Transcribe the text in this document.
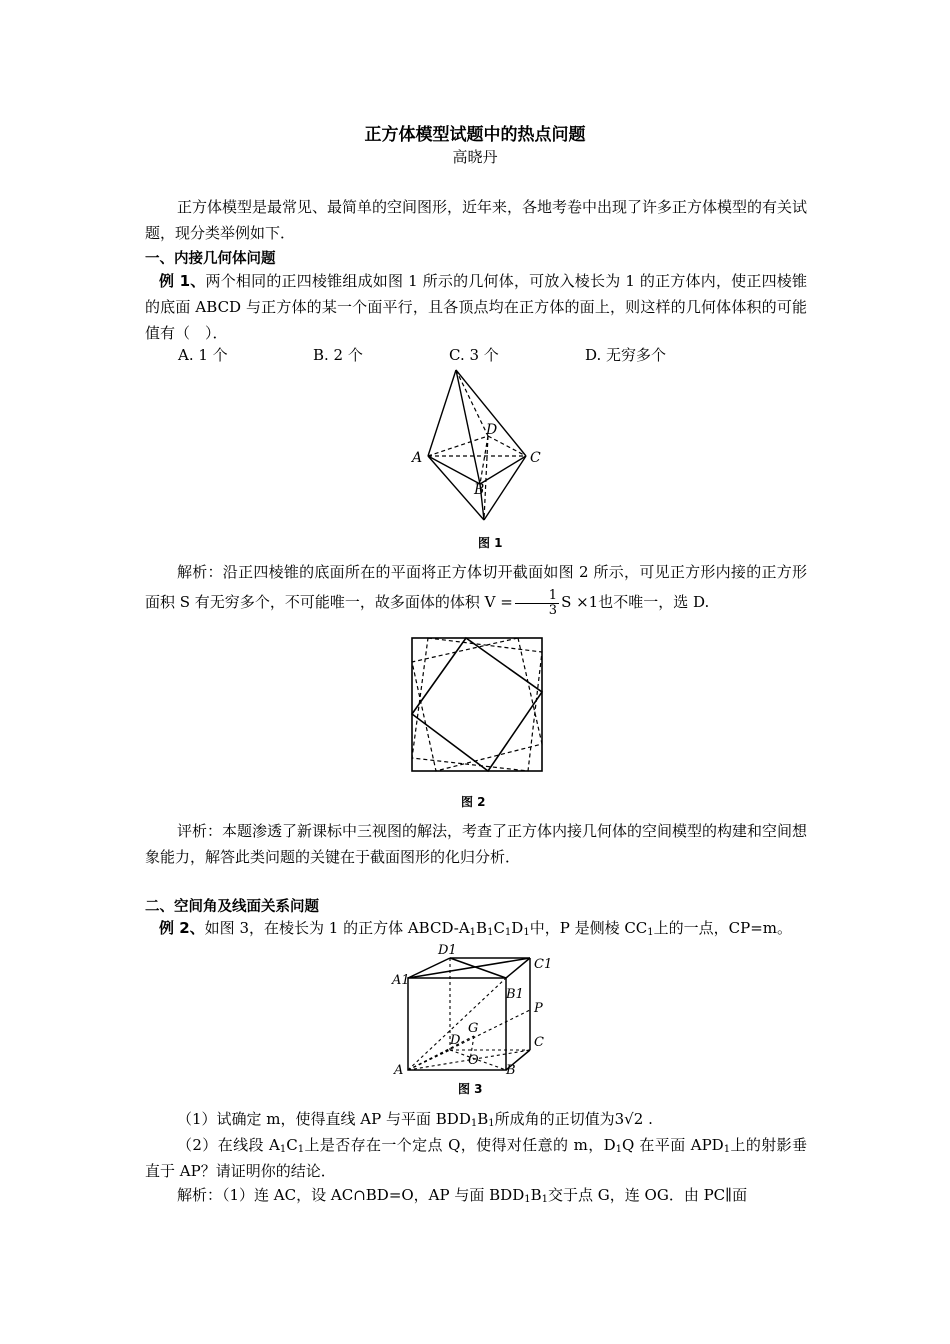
正方体模型试题中的热点问题
高晓丹
正方体模型是最常见、最简单的空间图形，近年来，各地考卷中出现了许多正方体模型的有关试题，现分类举例如下．
一、内接几何体问题
例 1、两个相同的正四棱锥组成如图 1 所示的几何体，可放入棱长为 1 的正方体内，使正四棱锥的底面 ABCD 与正方体的某一个面平行，且各顶点均在正方体的面上，则这样的几何体体积的可能值有（　）．
A. 1 个	B. 2 个	C. 3 个	D. 无穷多个
A
B
C
D
图 1
解析：沿正四棱锥的底面所在的平面将正方体切开截面如图 2 所示，可见正方形内接的正方形面积 S 有无穷多个，不可能唯一，故多面体的体积 $V = \frac{1}{3}$ S ×1也不唯一，选 D.
图 2
评析：本题渗透了新课标中三视图的解法，考查了正方体内接几何体的空间模型的构建和空间想象能力，解答此类问题的关键在于截面图形的化归分析．
二、空间角及线面关系问题
例 2、如图 3，在棱长为 1 的正方体 ABCD-$A_1B_1C_1D_1$中，P 是侧棱 $CC_1$上的一点，CP=m。
D1
A1
C1
B1
P
D
G
C
O
A	B
图 3
（1）试确定 m，使得直线 AP 与平面 $BDD_1B_1$所成角的正切值为3√2 .
（2）在线段 $A_1C_1$上是否存在一个定点 Q，使得对任意的 m，$D_1Q$ 在平面 $APD_1$上的射影垂直于 AP？请证明你的结论．
解析：（1）连 AC，设 AC∩BD=O，AP 与面 $BDD_1B_1$交于点 G，连 OG．由 PC∥面
